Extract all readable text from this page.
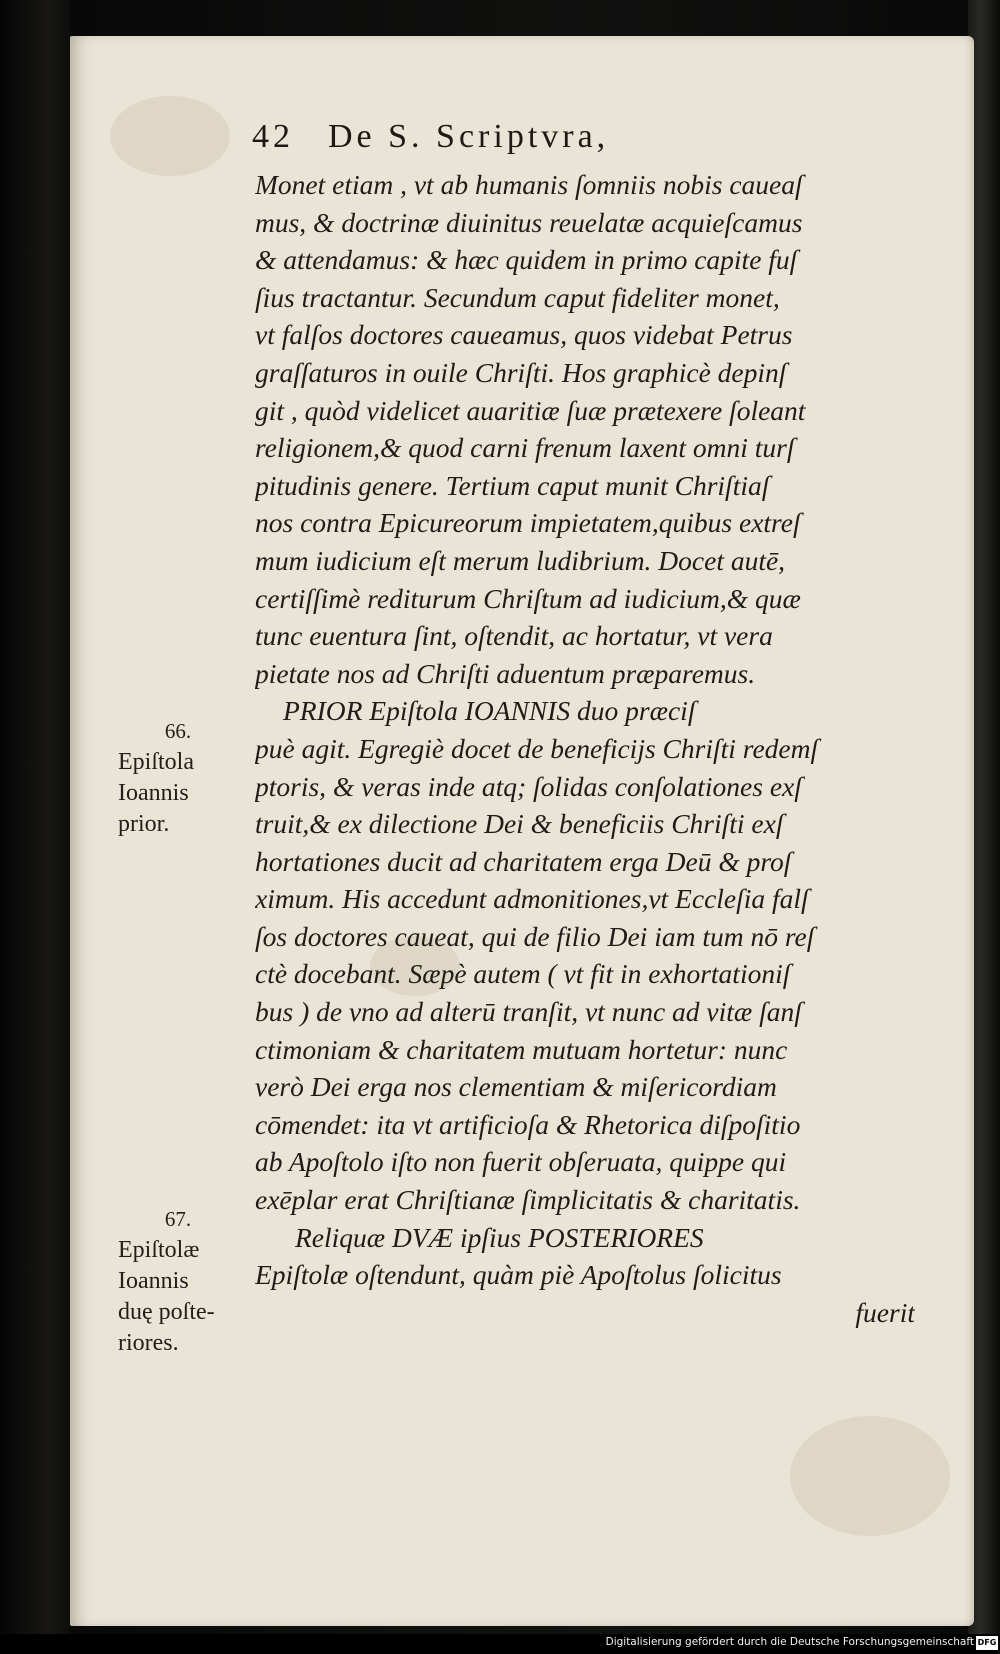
42 De S. Scriptvra,
Monet etiam , vt ab humanis ſomniis nobis caueaſ
mus, & doctrinæ diuinitus reuelatæ acquieſcamus
& attendamus: & hæc quidem in primo capite fuſ
ſius tractantur. Secundum caput fideliter monet,
vt falſos doctores caueamus, quos videbat Petrus
graſſaturos in ouile Chriſti. Hos graphicè depinſ
git , quòd videlicet auaritiæ ſuæ prætexere ſoleant
religionem,& quod carni frenum laxent omni turſ
pitudinis genere. Tertium caput munit Chriſtiaſ
nos contra Epicureorum impietatem,quibus extreſ
mum iudicium eſt merum ludibrium. Docet autē,
certiſſimè rediturum Chriſtum ad iudicium,& quæ
tunc euentura ſint, oſtendit, ac hortatur, vt vera
pietate nos ad Chriſti aduentum præparemus.
PRIOR Epiſtola IOANNIS duo præciſ
puè agit. Egregiè docet de beneficijs Chriſti redemſ
ptoris, & veras inde atq; ſolidas conſolationes exſ
truit,& ex dilectione Dei & beneficiis Chriſti exſ
hortationes ducit ad charitatem erga Deū & proſ
ximum. His accedunt admonitiones,vt Eccleſia falſ
ſos doctores caueat, qui de filio Dei iam tum nō reſ
ctè docebant. Sæpè autem ( vt fit in exhortationiſ
bus ) de vno ad alterū tranſit, vt nunc ad vitæ ſanſ
ctimoniam & charitatem mutuam hortetur: nunc
verò Dei erga nos clementiam & miſericordiam
cōmendet: ita vt artificioſa & Rhetorica diſpoſitio
ab Apoſtolo iſto non fuerit obſeruata, quippe qui
exēplar erat Chriſtianæ ſimplicitatis & charitatis.
Reliquæ DVÆ ipſius POSTERIORES
Epiſtolæ oſtendunt, quàm piè Apoſtolus ſolicitus
fuerit
66.
Epiſtola
Ioannis
prior.
67.
Epiſtolæ
Ioannis
duę poſte-
riores.
Digitalisierung gefördert durch die Deutsche Forschungsgemeinschaft DFG
